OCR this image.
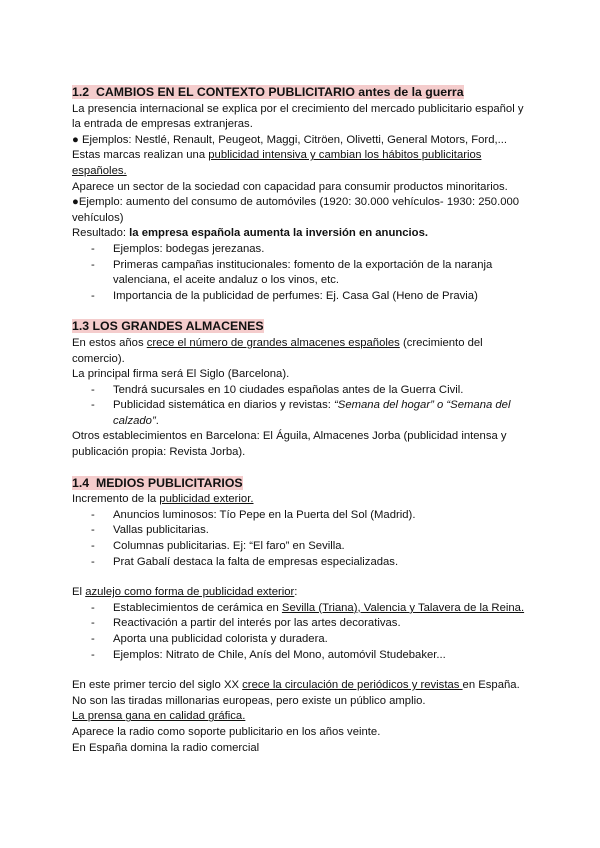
1.2 CAMBIOS EN EL CONTEXTO PUBLICITARIO antes de la guerra

La presencia internacional se explica por el crecimiento del mercado publicitario español y la entrada de empresas extranjeras.

● Ejemplos: Nestlé, Renault, Peugeot, Maggi, Citröen, Olivetti, General Motors, Ford,...

Estas marcas realizan una publicidad intensiva y cambian los hábitos publicitarios españoles.

Aparece un sector de la sociedad con capacidad para consumir productos minoritarios.

●Ejemplo: aumento del consumo de automóviles (1920: 30.000 vehículos- 1930: 250.000 vehículos)

Resultado: la empresa española aumenta la inversión en anuncios.

- Ejemplos: bodegas jerezanas.
- Primeras campañas institucionales: fomento de la exportación de la naranja valenciana, el aceite andaluz o los vinos, etc.
- Importancia de la publicidad de perfumes: Ej. Casa Gal (Heno de Pravia)
1.3 LOS GRANDES ALMACENES

En estos años crece el número de grandes almacenes españoles (crecimiento del comercio).

La principal firma será El Siglo (Barcelona).

- Tendrá sucursales en 10 ciudades españolas antes de la Guerra Civil.
- Publicidad sistemática en diarios y revistas: “Semana del hogar” o “Semana del calzado”.

Otros establecimientos en Barcelona: El Águila, Almacenes Jorba (publicidad intensa y publicación propia: Revista Jorba).

1.4 MEDIOS PUBLICITARIOS

Incremento de la publicidad exterior.

- Anuncios luminosos: Tío Pepe en la Puerta del Sol (Madrid).
- Vallas publicitarias.
- Columnas publicitarias. Ej: “El faro” en Sevilla.
- Prat Gabalí destaca la falta de empresas especializadas.

El azulejo como forma de publicidad exterior:

- Establecimientos de cerámica en Sevilla (Triana), Valencia y Talavera de la Reina.
- Reactivación a partir del interés por las artes decorativas.
- Aporta una publicidad colorista y duradera.
- Ejemplos: Nitrato de Chile, Anís del Mono, automóvil Studebaker...

En este primer tercio del siglo XX crece la circulación de periódicos y revistas en España.

No son las tiradas millonarias europeas, pero existe un público amplio.

La prensa gana en calidad gráfica.

Aparece la radio como soporte publicitario en los años veinte.

En España domina la radio comercial
